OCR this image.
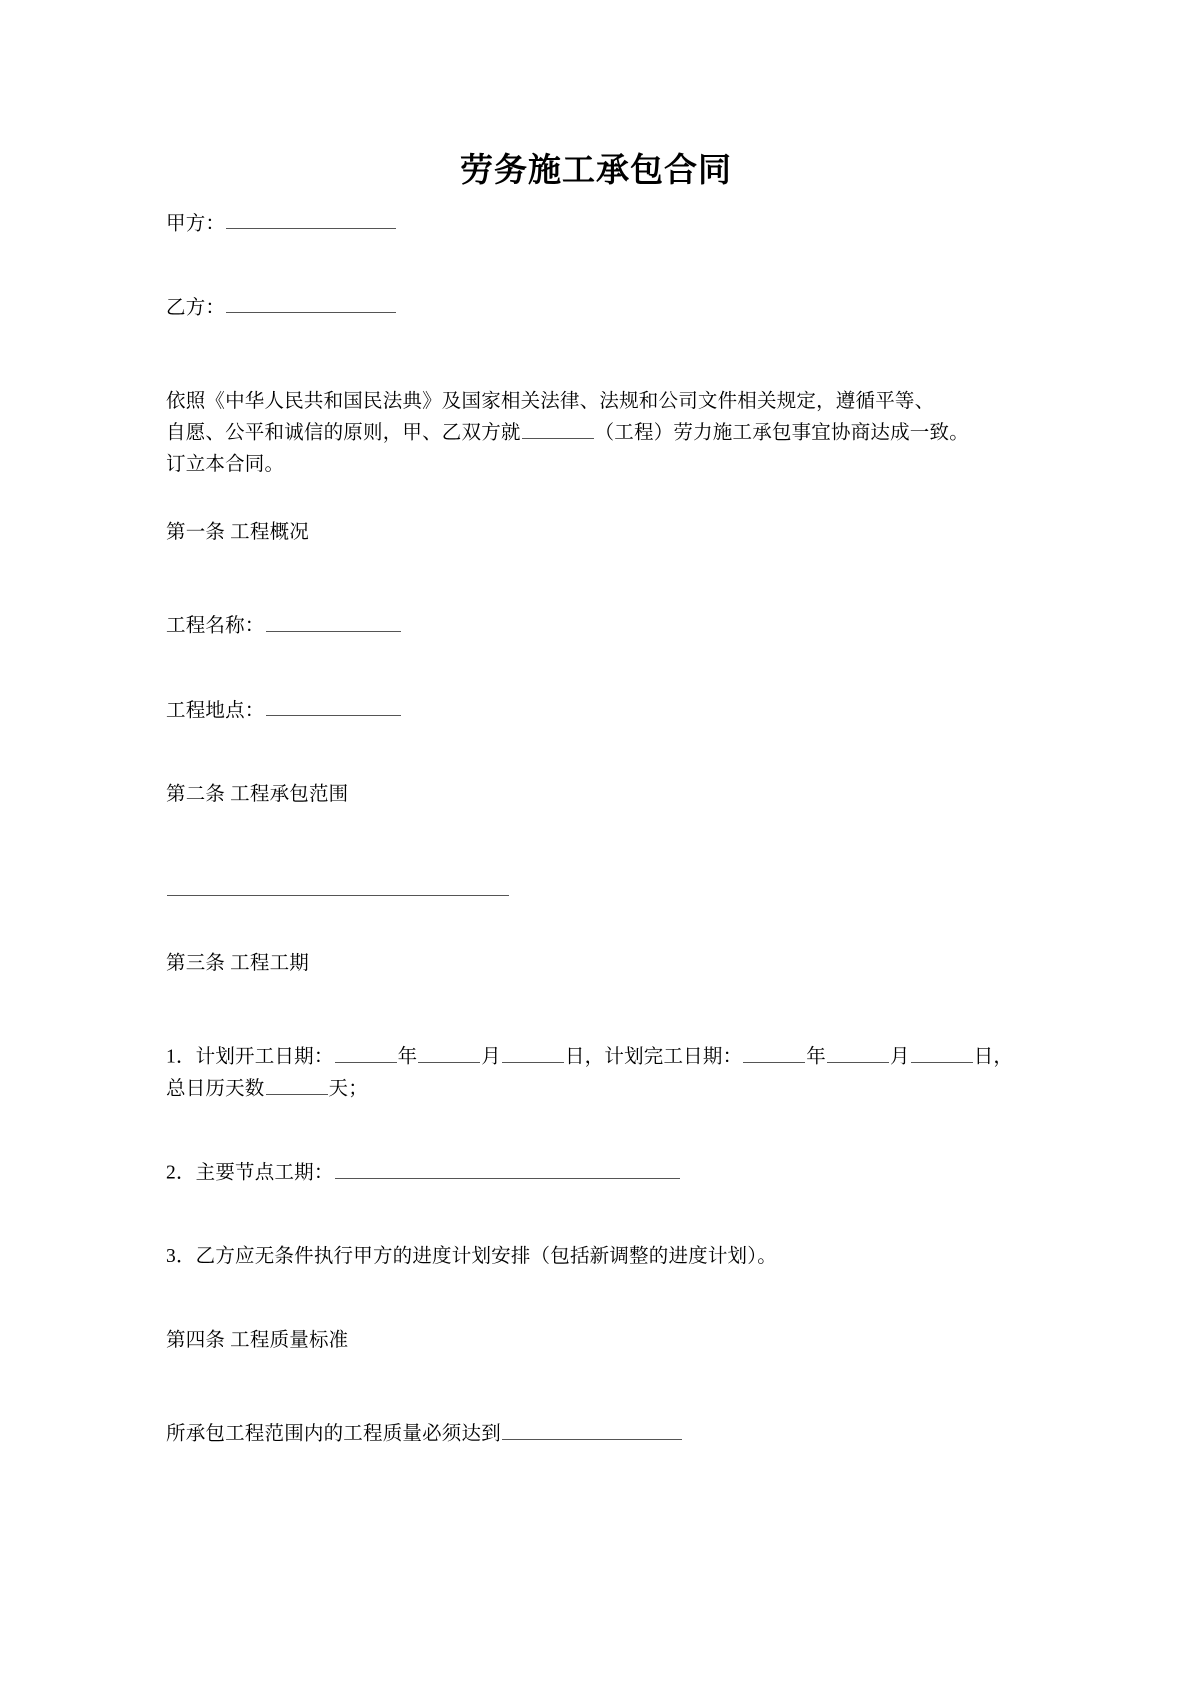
劳务施工承包合同

甲方：

乙方：

依照《中华人民共和国民法典》及国家相关法律、法规和公司文件相关规定，遵循平等、

自愿、公平和诚信的原则，甲、乙双方就	（工程）劳力施工承包事宜协商达成一致。

订立本合同。

第一条 工程概况

工程名称：

工程地点：

第二条 工程承包范围

第三条 工程工期

1．计划开工日期：	年	月	日，计划完工日期：	年	月	日，总日历天数	天；

2．主要节点工期：

3．乙方应无条件执行甲方的进度计划安排（包括新调整的进度计划）。

第四条 工程质量标准

所承包工程范围内的工程质量必须达到
